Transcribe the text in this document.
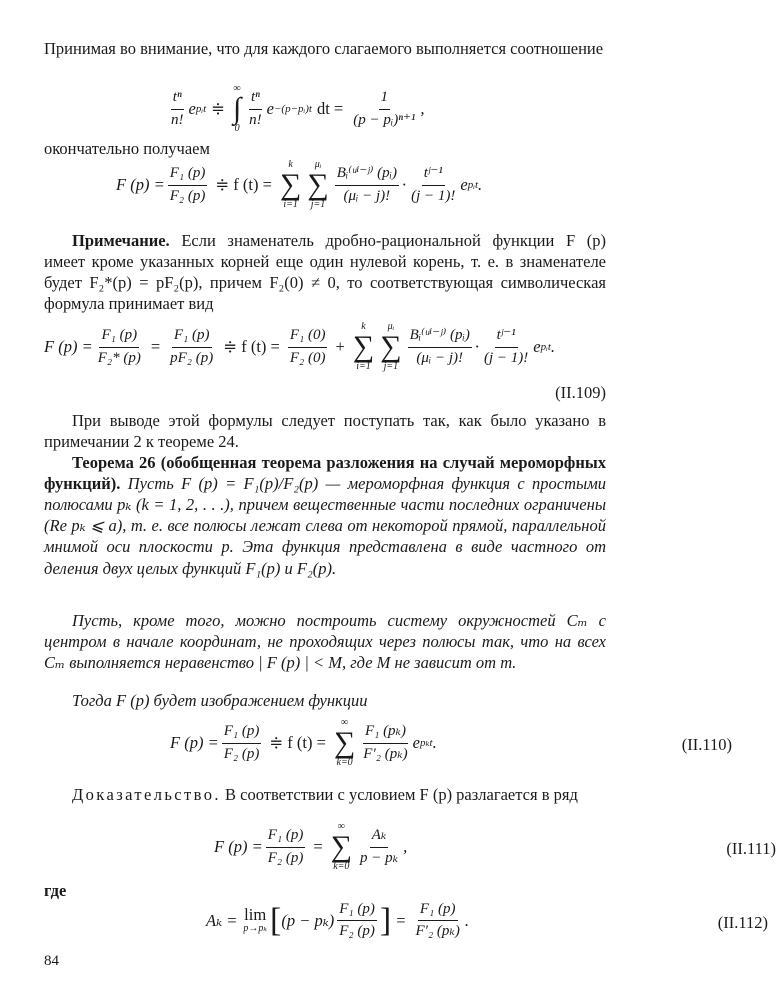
Принимая во внимание, что для каждого слагаемого выполняется соотношение

$\frac{\text{tⁿ}}{n!}$ e pᵢt ≑
∞
∫
$0 \frac{\text{tⁿ}}{n!}$ e −(p−pᵢ)t dt = $\frac{1}{\text{(p − pᵢ)ⁿ⁺¹}}$ ,

окончательно получаем

F $(p) = \frac{\text{F₁ (p)}}{\text{F₂ (p)}}$ ≑ f (t) =
k
∑
i=1
μᵢ
∑
$j=1 \frac{\text{Bᵢ⁽ᵘⁱ⁻ʲ⁾ (pᵢ)}}{\text{(μᵢ − j)!}} \cdot \frac{\text{tʲ⁻¹}}{(j - 1)!}$ e pᵢt .

Примечание. Если знаменатель дробно-рациональной функции F (p) имеет кроме указанных корней еще один нулевой корень, т. е. в знаменателе будет F₂*(p) = pF₂(p), причем F₂(0) ≠ 0, то соответствующая символическая формула принимает вид

F $(p) = \frac{\text{F₁ (p)}}{\text{F₂* (p)}} = \frac{\text{F₁ (p)}}{\text{pF₂ (p)}}$ ≑ f $(t) = \frac{\text{F₁ (0)}}{\text{F₂ (0)}}$ +
k
∑
i=1
μᵢ
∑
$j=1 \frac{\text{Bᵢ⁽ᵘⁱ⁻ʲ⁾ (pᵢ)}}{\text{(μᵢ − j)!}} \cdot \frac{\text{tʲ⁻¹}}{(j - 1)!}$ e pᵢt .
(II.109)

При выводе этой формулы следует поступать так, как было указано в примечании 2 к теореме 24.

Теорема 26 (обобщенная теорема разложения на случай мероморфных функций). Пусть F (p) = F₁(p)/F₂(p) — мероморфная функция с простыми полюсами pₖ (k = 1, 2, . . .), причем вещественные части последних ограничены (Re pₖ ⩽ a), т. е. все полюсы лежат слева от некоторой прямой, параллельной мнимой оси плоскости p. Эта функция представлена в виде частного от деления двух целых функций F₁(p) и F₂(p).

Пусть, кроме того, можно построить систему окружностей Cₘ с центром в начале координат, не проходящих через полюсы так, что на всех Cₘ выполняется неравенство | F (p) | < M, где M не зависит от m.

Тогда F (p) будет изображением функции

F $(p) = \frac{\text{F₁ (p)}}{\text{F₂ (p)}}$ ≑ f (t) =
∞
∑
$k=0 \frac{\text{F₁ (pₖ)}}{\text{F′₂ (pₖ)}}$ e pₖt .	(II.110)

Доказательство. В соответствии с условием F (p) разлагается в ряд

F $(p) = \frac{\text{F₁ (p)}}{\text{F₂ (p)}}$ =
∞
∑
$k=0 \frac{\text{Aₖ}}{\text{p − pₖ}}$ ,	(II.111)

где

Aₖ = lim
p→pₖ [ $(p - p_k) \frac{\text{F₁ (p)}}{\text{F₂ (p)}}$ ] = $\frac{\text{F₁ (p)}}{\text{F′₂ (pₖ)}}$ .	(II.112)
84
